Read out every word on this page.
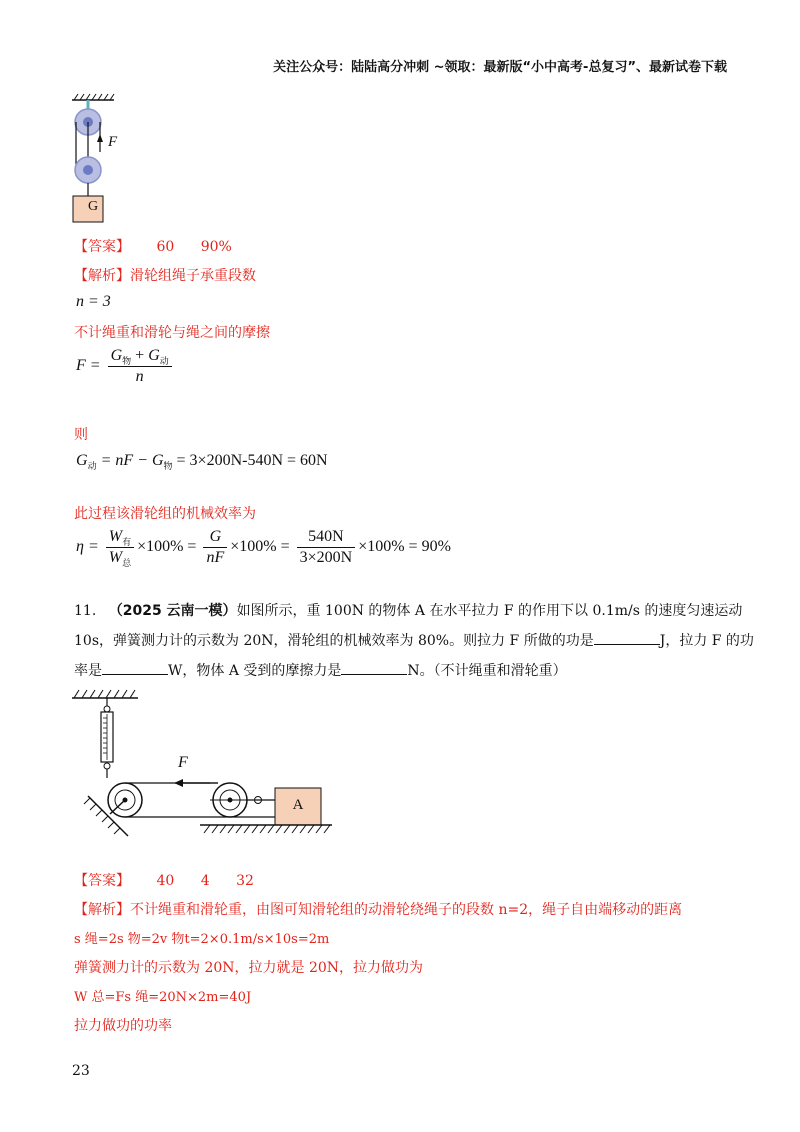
关注公众号：陆陆高分冲刺 ~领取：最新版“小中高考-总复习”、最新试卷下载
F
G
【答案】 60 90%
【解析】滑轮组绳子承重段数
n = 3
不计绳重和滑轮与绳之间的摩擦
$F = \frac{G_物 + G_动}{n}$
则
$G_动$ = nF − $G_物 = 3\times 200N-540N = 60N$
此过程该滑轮组的机械效率为
$\eta = \frac{W_有}{W_总} \times 100\% = \frac{G}{nF} \times 100\% = \frac{540N}{3\times 200N} \times 100\% = 90\%$
11. （2025 云南一模）如图所示，重 100N 的物体 A 在水平拉力 F 的作用下以 0.1m/s 的速度匀速运动
10s，弹簧测力计的示数为 20N，滑轮组的机械效率为 80%。则拉力 F 所做的功是	J，拉力 F 的功
率是	W，物体 A 受到的摩擦力是	N。（不计绳重和滑轮重）
F
A
【答案】 40 4 32
【解析】不计绳重和滑轮重，由图可知滑轮组的动滑轮绕绳子的段数 n=2，绳子自由端移动的距离
s 绳=2s 物=2v 物t=2×0.1m/s×10s=2m
弹簧测力计的示数为 20N，拉力就是 20N，拉力做功为
W 总=Fs 绳=20N×2m=40J
拉力做功的功率
23
